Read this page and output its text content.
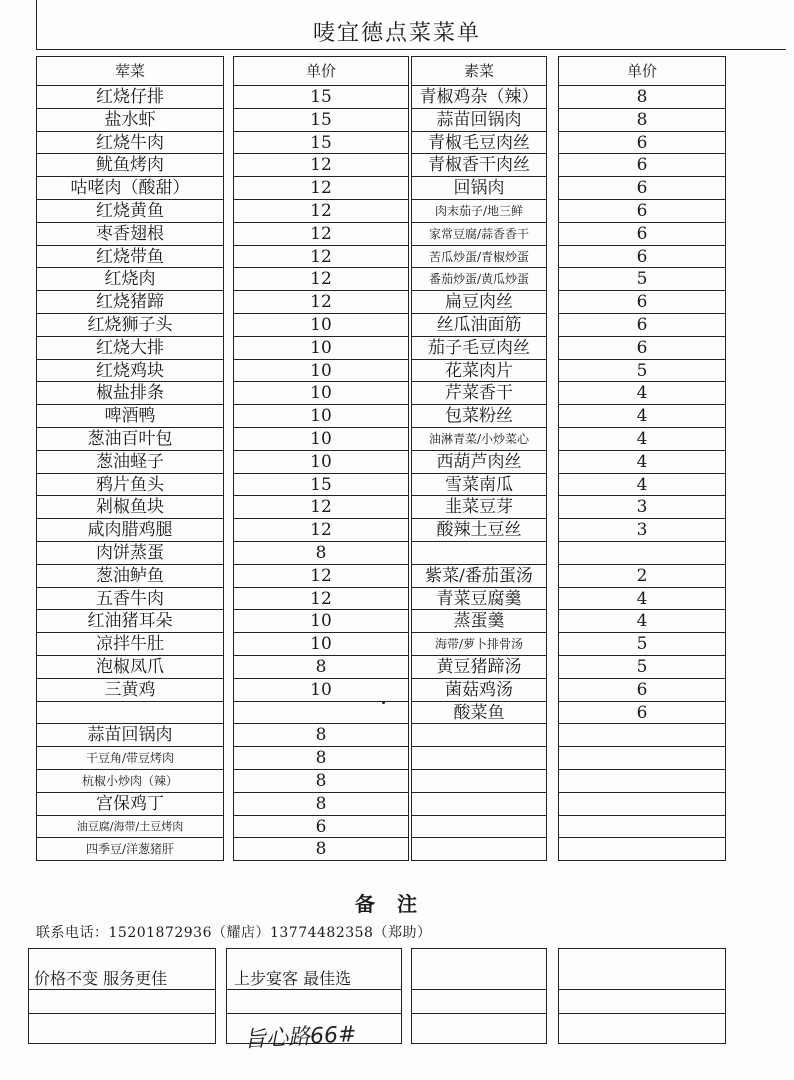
唛宜德点菜菜单
荤菜
红烧仔排
盐水虾
红烧牛肉
鱿鱼烤肉
咕咾肉（酸甜）
红烧黄鱼
枣香翅根
红烧带鱼
红烧肉
红烧猪蹄
红烧狮子头
红烧大排
红烧鸡块
椒盐排条
啤酒鸭
葱油百叶包
葱油蛏子
鸦片鱼头
剁椒鱼块
咸肉腊鸡腿
肉饼蒸蛋
葱油鲈鱼
五香牛肉
红油猪耳朵
凉拌牛肚
泡椒凤爪
三黄鸡
蒜苗回锅肉
干豆角/带豆烤肉
杭椒小炒肉（辣）
宫保鸡丁
油豆腐/海带/土豆烤肉
四季豆/洋葱猪肝
单价
15
15
15
12
12
12
12
12
12
12
10
10
10
10
10
10
10
15
12
12
8
12
12
10
10
8
10
8
8
8
8
6
8
素菜
青椒鸡杂（辣）
蒜苗回锅肉
青椒毛豆肉丝
青椒香干肉丝
回锅肉
肉末茄子/地三鲜
家常豆腐/蒜香香干
苦瓜炒蛋/青椒炒蛋
番茄炒蛋/黄瓜炒蛋
扁豆肉丝
丝瓜油面筋
茄子毛豆肉丝
花菜肉片
芹菜香干
包菜粉丝
油淋青菜/小炒菜心
西葫芦肉丝
雪菜南瓜
韭菜豆芽
酸辣土豆丝
紫菜/番茄蛋汤
青菜豆腐羹
蒸蛋羹
海带/萝卜排骨汤
黄豆猪蹄汤
菌菇鸡汤
酸菜鱼
单价
8
8
6
6
6
6
6
6
5
6
6
6
5
4
4
4
4
4
3
3
2
4
4
5
5
6
6
备注
联系电话：15201872936（耀店）13774482358（郑助）
价格不变 服务更佳	上步宴客 最佳选
旨心路66#
